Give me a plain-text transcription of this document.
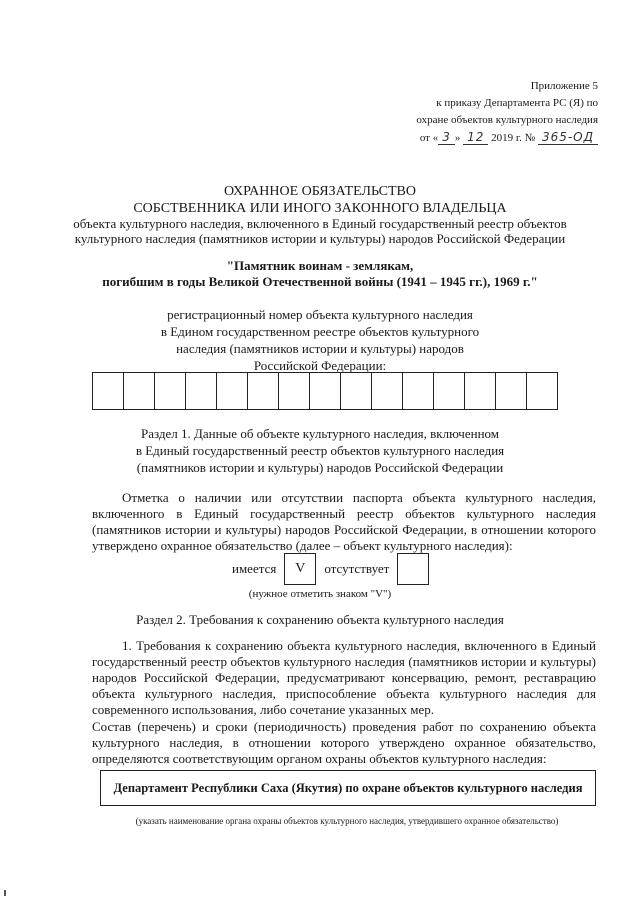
Приложение 5
к приказу Департамента РС (Я) по
охране объектов культурного наследия
от « 3 » 12 2019 г. № 365-ОД
ОХРАННОЕ ОБЯЗАТЕЛЬСТВО
СОБСТВЕННИКА ИЛИ ИНОГО ЗАКОННОГО ВЛАДЕЛЬЦА
объекта культурного наследия, включенного в Единый государственный реестр объектов
культурного наследия (памятников истории и культуры) народов Российской Федерации
"Памятник воинам - землякам,
погибшим в годы Великой Отечественной войны (1941 – 1945 гг.), 1969 г."
регистрационный номер объекта культурного наследия
в Едином государственном реестре объектов культурного
наследия (памятников истории и культуры) народов
Российской Федерации:
Раздел 1. Данные об объекте культурного наследия, включенном
в Единый государственный реестр объектов культурного наследия
(памятников истории и культуры) народов Российской Федерации
Отметка о наличии или отсутствии паспорта объекта культурного наследия, включенного в Единый государственный реестр объектов культурного наследия (памятников истории и культуры) народов Российской Федерации, в отношении которого утверждено охранное обязательство (далее – объект культурного наследия):
имеется	V	отсутствует
(нужное отметить знаком "V")
Раздел 2. Требования к сохранению объекта культурного наследия
1. Требования к сохранению объекта культурного наследия, включенного в Единый государственный реестр объектов культурного наследия (памятников истории и культуры) народов Российской Федерации, предусматривают консервацию, ремонт, реставрацию объекта культурного наследия, приспособление объекта культурного наследия для современного использования, либо сочетание указанных мер.
Состав (перечень) и сроки (периодичность) проведения работ по сохранению объекта культурного наследия, в отношении которого утверждено охранное обязательство, определяются соответствующим органом охраны объектов культурного наследия:
Департамент Республики Саха (Якутия) по охране объектов культурного наследия
(указать наименование органа охраны объектов культурного наследия, утвердившего охранное обязательство)
